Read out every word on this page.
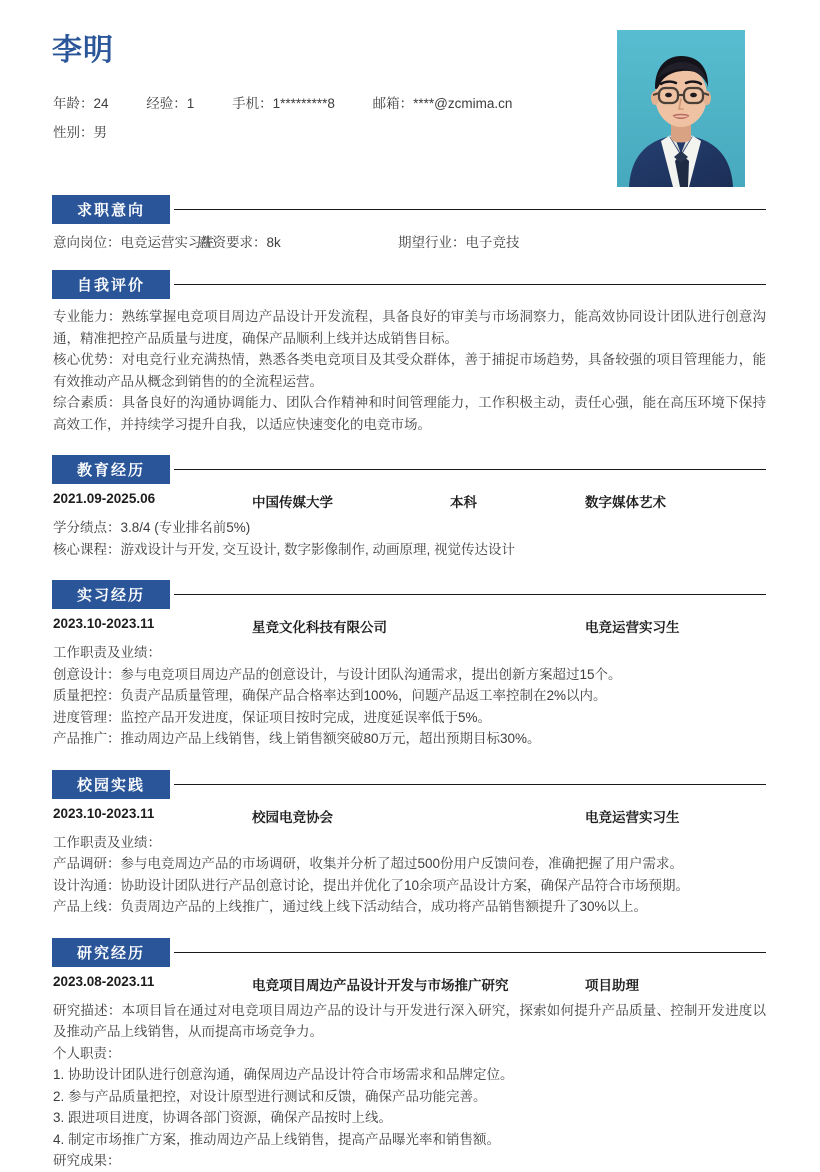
李明
年龄：24	经验：1	手机：1*********8	邮箱：****@zcmima.cn
性别：男
求职意向
意向岗位：电竞运营实习生
薪资要求：8k	期望行业：电子竞技
自我评价

专业能力：熟练掌握电竞项目周边产品设计开发流程，具备良好的审美与市场洞察力，能高效协同设计团队进行创意沟通，精准把控产品质量与进度，确保产品顺利上线并达成销售目标。

核心优势：对电竞行业充满热情，熟悉各类电竞项目及其受众群体，善于捕捉市场趋势，具备较强的项目管理能力，能有效推动产品从概念到销售的的全流程运营。

综合素质：具备良好的沟通协调能力、团队合作精神和时间管理能力，工作积极主动，责任心强，能在高压环境下保持高效工作，并持续学习提升自我，以适应快速变化的电竞市场。

教育经历
2021.09-2025.06	中国传媒大学	本科	数字媒体艺术

学分绩点：3.8/4 (专业排名前5%)

核心课程：游戏设计与开发, 交互设计, 数字影像制作, 动画原理, 视觉传达设计

实习经历
2023.10-2023.11	星竞文化科技有限公司	电竞运营实习生

工作职责及业绩：

创意设计：参与电竞项目周边产品的创意设计，与设计团队沟通需求，提出创新方案超过15个。

质量把控：负责产品质量管理，确保产品合格率达到100%，问题产品返工率控制在2%以内。

进度管理：监控产品开发进度，保证项目按时完成，进度延误率低于5%。

产品推广：推动周边产品上线销售，线上销售额突破80万元，超出预期目标30%。

校园实践
2023.10-2023.11	校园电竞协会	电竞运营实习生

工作职责及业绩：

产品调研：参与电竞周边产品的市场调研，收集并分析了超过500份用户反馈问卷，准确把握了用户需求。

设计沟通：协助设计团队进行产品创意讨论，提出并优化了10余项产品设计方案，确保产品符合市场预期。

产品上线：负责周边产品的上线推广，通过线上线下活动结合，成功将产品销售额提升了30%以上。

研究经历
2023.08-2023.11	电竞项目周边产品设计开发与市场推广研究	项目助理

研究描述：本项目旨在通过对电竞项目周边产品的设计与开发进行深入研究，探索如何提升产品质量、控制开发进度以及推动产品上线销售，从而提高市场竞争力。

个人职责：

1. 协助设计团队进行创意沟通，确保周边产品设计符合市场需求和品牌定位。

2. 参与产品质量把控，对设计原型进行测试和反馈，确保产品功能完善。

3. 跟进项目进度，协调各部门资源，确保产品按时上线。

4. 制定市场推广方案，推动周边产品上线销售，提高产品曝光率和销售额。

研究成果：
